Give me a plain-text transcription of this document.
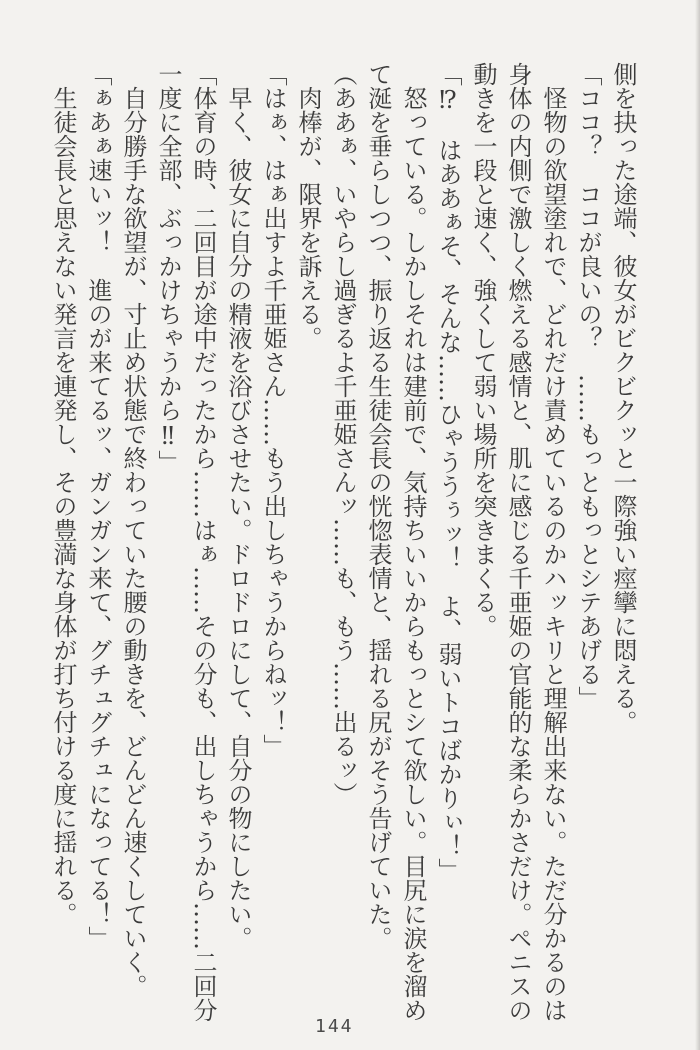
側を抉った途端、彼女がビクビクッと一際強い痙攣に悶える。

「ココ？　ココが良いの？　……もっともっとシテあげる」

怪物の欲望塗れで、どれだけ責めているのかハッキリと理解出来ない。ただ分かるのは身体の内側で激しく燃える感情と、肌に感じる千亜姫の官能的な柔らかさだけ。ペニスの動きを一段と速く、強くして弱い場所を突きまくる。

「⁉　はああぁそ、そんな……ひゃううぅッ！　よ、弱いトコばかりぃ！」

怒っている。しかしそれは建前で、気持ちいいからもっとシて欲しい。目尻に涙を溜めて涎を垂らしつつ、振り返る生徒会長の恍惚表情と、揺れる尻がそう告げていた。

（ああぁ、いやらし過ぎるよ千亜姫さんッ……も、もう……出るッ）

肉棒が、限界を訴える。

「はぁ、はぁ出すよ千亜姫さん……もう出しちゃうからねッ！」

早く、彼女に自分の精液を浴びさせたい。ドロドロにして、自分の物にしたい。

「体育の時、二回目が途中だったから……はぁ……その分も、出しちゃうから……二回分一度に全部、ぶっかけちゃうから‼」

自分勝手な欲望が、寸止め状態で終わっていた腰の動きを、どんどん速くしていく。

「ぁあぁ速いッ！　進のが来てるッ、ガンガン来て、グチュグチュになってる！」

生徒会長と思えない発言を連発し、その豊満な身体が打ち付ける度に揺れる。

144
